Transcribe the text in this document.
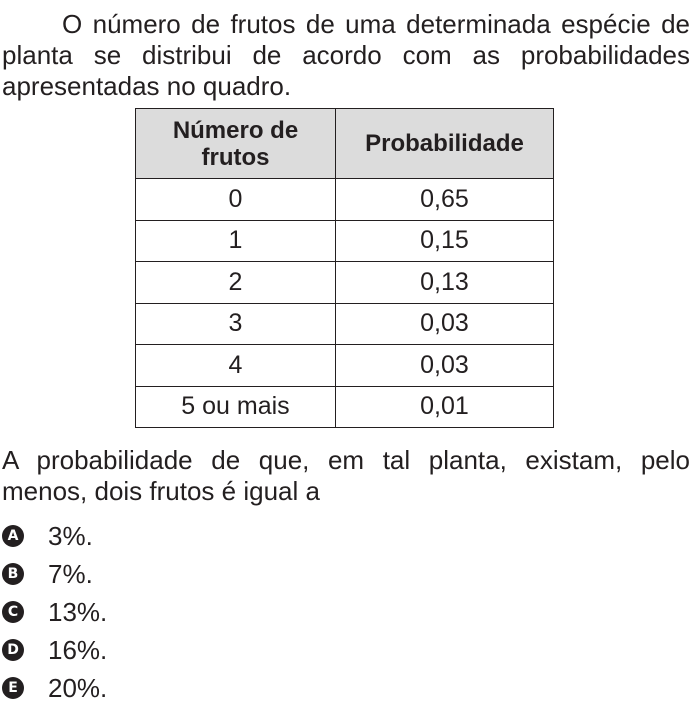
O número de frutos de uma determinada espécie de planta se distribui de acordo com as probabilidades apresentadas no quadro.

Número de
frutos	Probabilidade
0	0,65
1	0,15
2	0,13
3	0,03
4	0,03
5 ou mais	0,01

A probabilidade de que, em tal planta, existam, pelo menos, dois frutos é igual a

A 3%.
B 7%.
C 13%.
D 16%.
E 20%.
